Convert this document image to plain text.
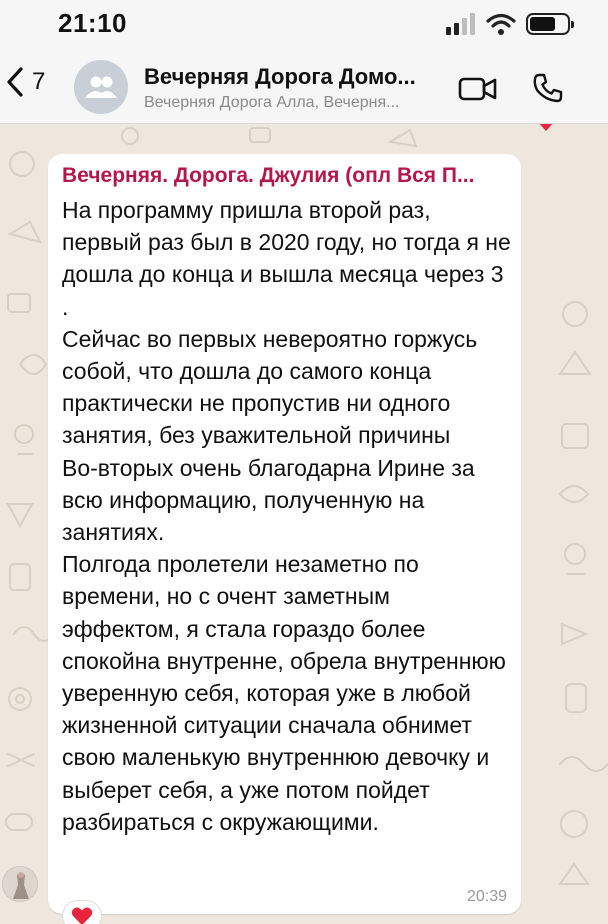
21:10
7	Вечерняя Дорога Домо...
Вечерняя Дорога Алла, Вечерня...
Вечерняя. Дорога. Джулия (опл Вся П...

На программу пришла второй раз, первый раз был в 2020 году, но тогда я не дошла до конца и вышла месяца через 3 .

Сейчас во первых невероятно горжусь собой, что дошла до самого конца практически не пропустив ни одного занятия, без уважительной причины

Во-вторых очень благодарна Ирине за всю информацию, полученную на занятиях.

Полгода пролетели незаметно по времени, но с очент заметным эффектом, я стала гораздо более спокойна внутренне, обрела внутреннюю уверенную себя, которая уже в любой жизненной ситуации сначала обнимет свою маленькую внутреннюю девочку и выберет себя, а уже потом пойдет разбираться с окружающими.

20:39
